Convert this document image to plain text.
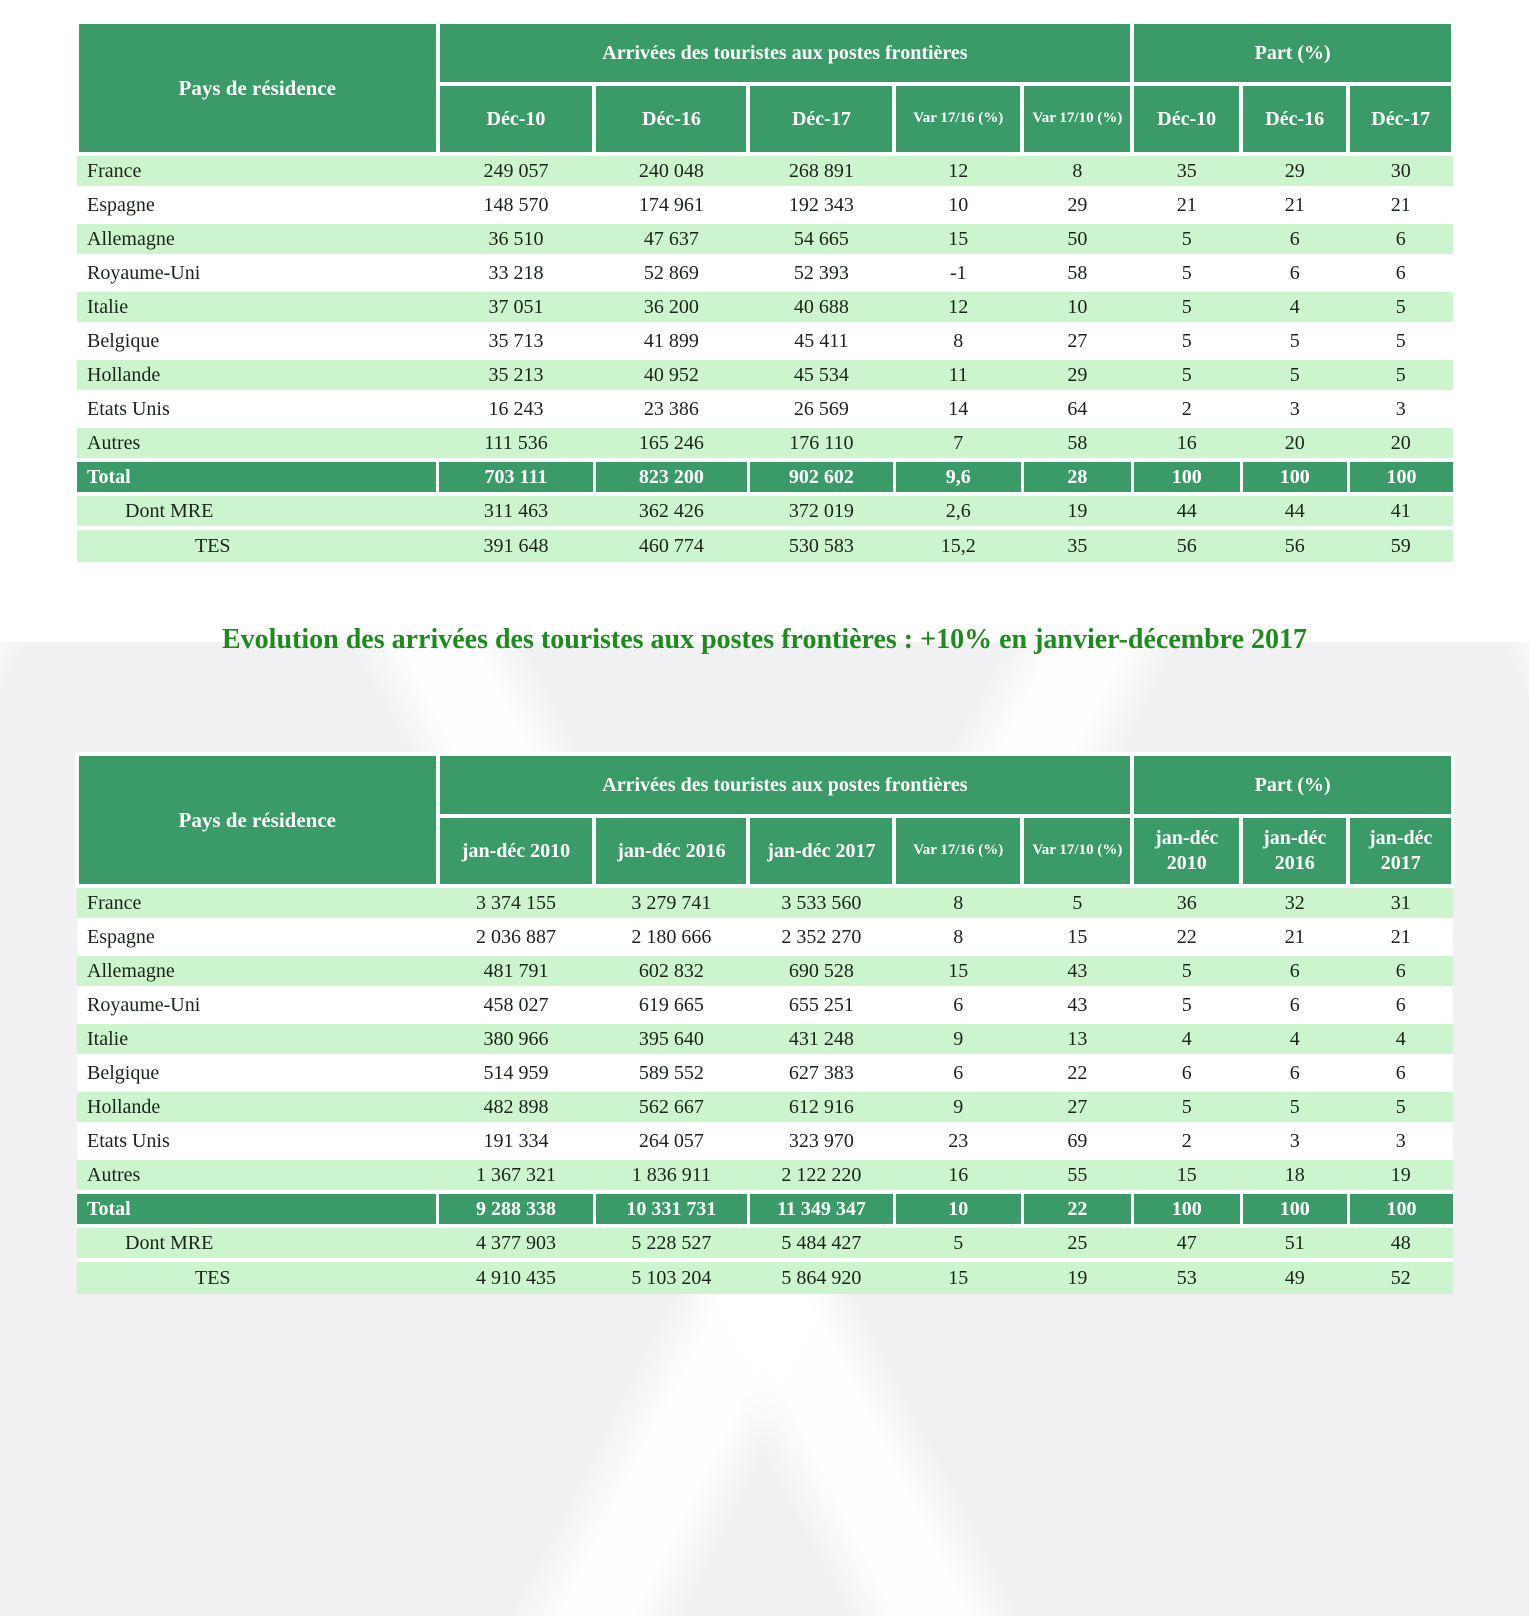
Pays de résidence	Arrivées des touristes aux postes frontières					Part (%)		
	Déc-10	Déc-16	Déc-17	Var 17/16 (%)	Var 17/10 (%)	Déc-10	Déc-16	Déc-17
France	249 057	240 048	268 891	12	8	35	29	30
Espagne	148 570	174 961	192 343	10	29	21	21	21
Allemagne	36 510	47 637	54 665	15	50	5	6	6
Royaume-Uni	33 218	52 869	52 393	-1	58	5	6	6
Italie	37 051	36 200	40 688	12	10	5	4	5
Belgique	35 713	41 899	45 411	8	27	5	5	5
Hollande	35 213	40 952	45 534	11	29	5	5	5
Etats Unis	16 243	23 386	26 569	14	64	2	3	3
Autres	111 536	165 246	176 110	7	58	16	20	20
Total	703 111	823 200	902 602	9,6	28	100	100	100
Dont MRE	311 463	362 426	372 019	2,6	19	44	44	41
TES	391 648	460 774	530 583	15,2	35	56	56	59
Evolution des arrivées des touristes aux postes frontières : +10% en janvier-décembre 2017
Pays de résidence	Arrivées des touristes aux postes frontières					Part (%)		
	jan-déc 2010	jan-déc 2016	jan-déc 2017	Var 17/16 (%)	Var 17/10 (%)	jan-déc 2010	jan-déc 2016	jan-déc 2017
France	3 374 155	3 279 741	3 533 560	8	5	36	32	31
Espagne	2 036 887	2 180 666	2 352 270	8	15	22	21	21
Allemagne	481 791	602 832	690 528	15	43	5	6	6
Royaume-Uni	458 027	619 665	655 251	6	43	5	6	6
Italie	380 966	395 640	431 248	9	13	4	4	4
Belgique	514 959	589 552	627 383	6	22	6	6	6
Hollande	482 898	562 667	612 916	9	27	5	5	5
Etats Unis	191 334	264 057	323 970	23	69	2	3	3
Autres	1 367 321	1 836 911	2 122 220	16	55	15	18	19
Total	9 288 338	10 331 731	11 349 347	10	22	100	100	100
Dont MRE	4 377 903	5 228 527	5 484 427	5	25	47	51	48
TES	4 910 435	5 103 204	5 864 920	15	19	53	49	52
